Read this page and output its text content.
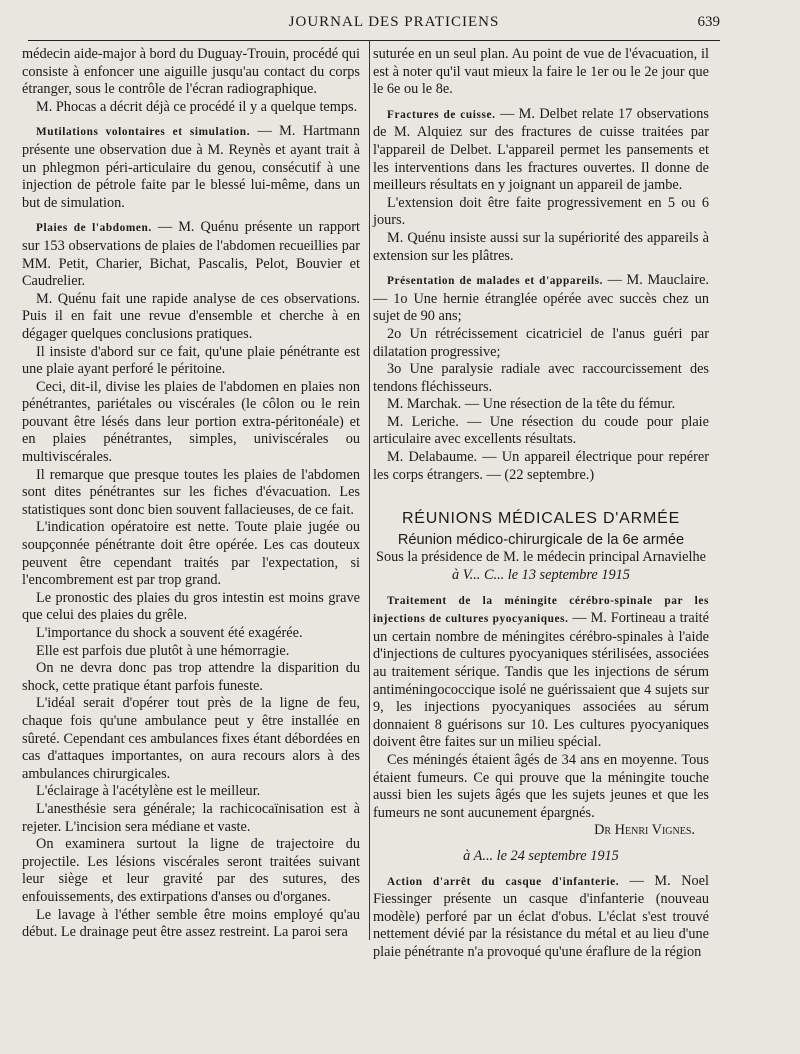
JOURNAL DES PRATICIENS	639

médecin aide-major à bord du Duguay-Trouin, procédé qui consiste à enfoncer une aiguille jusqu'au contact du corps étranger, sous le contrôle de l'écran radiographique.

M. Phocas a décrit déjà ce procédé il y a quelque temps.

Mutilations volontaires et simulation. — M. Hartmann présente une observation due à M. Reynès et ayant trait à un phlegmon péri-articulaire du genou, consécutif à une injection de pétrole faite par le blessé lui-même, dans un but de simulation.

Plaies de l'abdomen. — M. Quénu présente un rapport sur 153 observations de plaies de l'abdomen recueillies par MM. Petit, Charier, Bichat, Pascalis, Pelot, Bouvier et Caudrelier.

M. Quénu fait une rapide analyse de ces observations. Puis il en fait une revue d'ensemble et cherche à en dégager quelques conclusions pratiques.

Il insiste d'abord sur ce fait, qu'une plaie pénétrante est une plaie ayant perforé le péritoine.

Ceci, dit-il, divise les plaies de l'abdomen en plaies non pénétrantes, pariétales ou viscérales (le côlon ou le rein pouvant être lésés dans leur portion extra-péritonéale) et en plaies pénétrantes, simples, univiscérales ou multiviscérales.

Il remarque que presque toutes les plaies de l'abdomen sont dites pénétrantes sur les fiches d'évacuation. Les statistiques sont donc bien souvent fallacieuses, de ce fait.

L'indication opératoire est nette. Toute plaie jugée ou soupçonnée pénétrante doit être opérée. Les cas douteux peuvent être cependant traités par l'expectation, si l'encombrement est par trop grand.

Le pronostic des plaies du gros intestin est moins grave que celui des plaies du grêle.

L'importance du shock a souvent été exagérée.

Elle est parfois due plutôt à une hémorragie.

On ne devra donc pas trop attendre la disparition du shock, cette pratique étant parfois funeste.

L'idéal serait d'opérer tout près de la ligne de feu, chaque fois qu'une ambulance peut y être installée en sûreté. Cependant ces ambulances fixes étant débordées en cas d'attaques importantes, on aura recours alors à des ambulances chirurgicales.

L'éclairage à l'acétylène est le meilleur.

L'anesthésie sera générale; la rachicocaïnisation est à rejeter. L'incision sera médiane et vaste.

On examinera surtout la ligne de trajectoire du projectile. Les lésions viscérales seront traitées suivant leur siège et leur gravité par des sutures, des enfouissements, des extirpations d'anses ou d'organes.

Le lavage à l'éther semble être moins employé qu'au début. Le drainage peut être assez restreint. La paroi sera

suturée en un seul plan. Au point de vue de l'évacuation, il est à noter qu'il vaut mieux la faire le 1er ou le 2e jour que le 6e ou le 8e.

Fractures de cuisse. — M. Delbet relate 17 observations de M. Alquiez sur des fractures de cuisse traitées par l'appareil de Delbet. L'appareil permet les pansements et les interventions dans les fractures ouvertes. Il donne de meilleurs résultats en y joignant un appareil de jambe.

L'extension doit être faite progressivement en 5 ou 6 jours.

M. Quénu insiste aussi sur la supériorité des appareils à extension sur les plâtres.

Présentation de malades et d'appareils. — M. Mauclaire. — 1o Une hernie étranglée opérée avec succès chez un sujet de 90 ans;

2o Un rétrécissement cicatriciel de l'anus guéri par dilatation progressive;

3o Une paralysie radiale avec raccourcissement des tendons fléchisseurs.

M. Marchak. — Une résection de la tête du fémur.

M. Leriche. — Une résection du coude pour plaie articulaire avec excellents résultats.

M. Delabaume. — Un appareil électrique pour repérer les corps étrangers. — (22 septembre.)

RÉUNIONS MÉDICALES D'ARMÉE
Réunion médico-chirurgicale de la 6e armée

Sous la présidence de M. le médecin principal Arnavielhe

à V... C... le 13 septembre 1915

Traitement de la méningite cérébro-spinale par les injections de cultures pyocyaniques. — M. Fortineau a traité un certain nombre de méningites cérébro-spinales à l'aide d'injections de cultures pyocyaniques stérilisées, associées au traitement sérique. Tandis que les injections de sérum antiméningococcique isolé ne guérissaient que 4 sujets sur 9, les injections pyocyaniques associées au sérum donnaient 8 guérisons sur 10. Les cultures pyocyaniques doivent être faites sur un milieu spécial.

Ces méningés étaient âgés de 34 ans en moyenne. Tous étaient fumeurs. Ce qui prouve que la méningite touche aussi bien les sujets âgés que les sujets jeunes et que les fumeurs ne sont aucunement épargnés.

Dr Henri Vignes.

à A... le 24 septembre 1915

Action d'arrêt du casque d'infanterie. — M. Noel Fiessinger présente un casque d'infanterie (nouveau modèle) perforé par un éclat d'obus. L'éclat s'est trouvé nettement dévié par la résistance du métal et au lieu d'une plaie pénétrante n'a provoqué qu'une éraflure de la région
